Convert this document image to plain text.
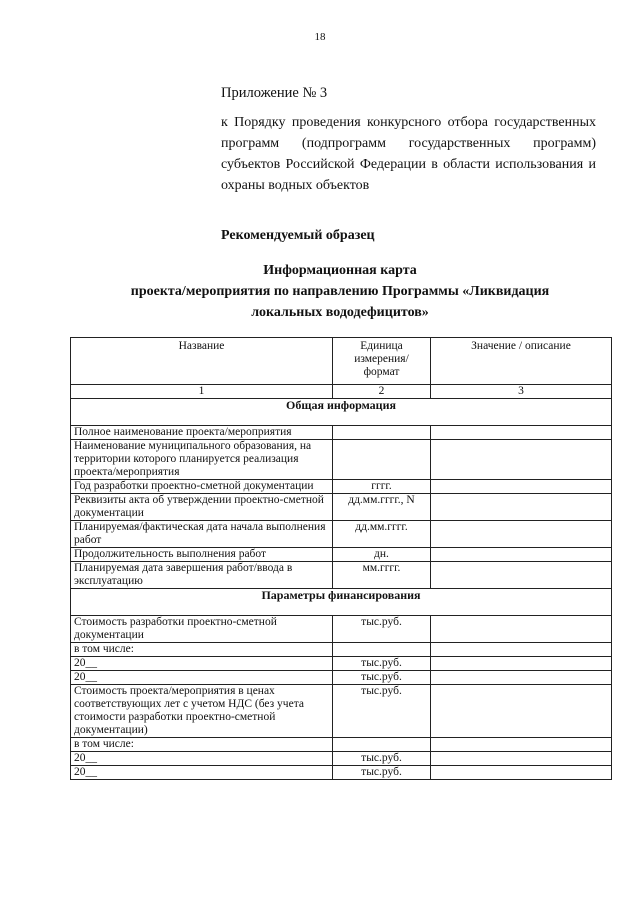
18
Приложение № 3
к Порядку проведения конкурсного отбора государственных программ (подпрограмм государственных программ) субъектов Российской Федерации в области использования и охраны водных объектов
Рекомендуемый образец
Информационная карта
проекта/мероприятия по направлению Программы «Ликвидация
локальных вододефицитов»
Название	Единица измерения/ формат	Значение / описание
1	2	3
Общая информация		
Полное наименование проекта/мероприятия		
Наименование муниципального образования, на территории которого планируется реализация проекта/мероприятия		
Год разработки проектно-сметной документации	гггг.	
Реквизиты акта об утверждении проектно-сметной документации	дд.мм.гггг., N	
Планируемая/фактическая дата начала выполнения работ	дд.мм.гггг.	
Продолжительность выполнения работ	дн.	
Планируемая дата завершения работ/ввода в эксплуатацию	мм.гггг.	
Параметры финансирования		
Стоимость разработки проектно-сметной документации	тыс.руб.	
в том числе:		
20__	тыс.руб.	
20__	тыс.руб.	
Стоимость проекта/мероприятия в ценах соответствующих лет с учетом НДС (без учета стоимости разработки проектно-сметной документации)	тыс.руб.	
в том числе:		
20__	тыс.руб.	
20__	тыс.руб.	
